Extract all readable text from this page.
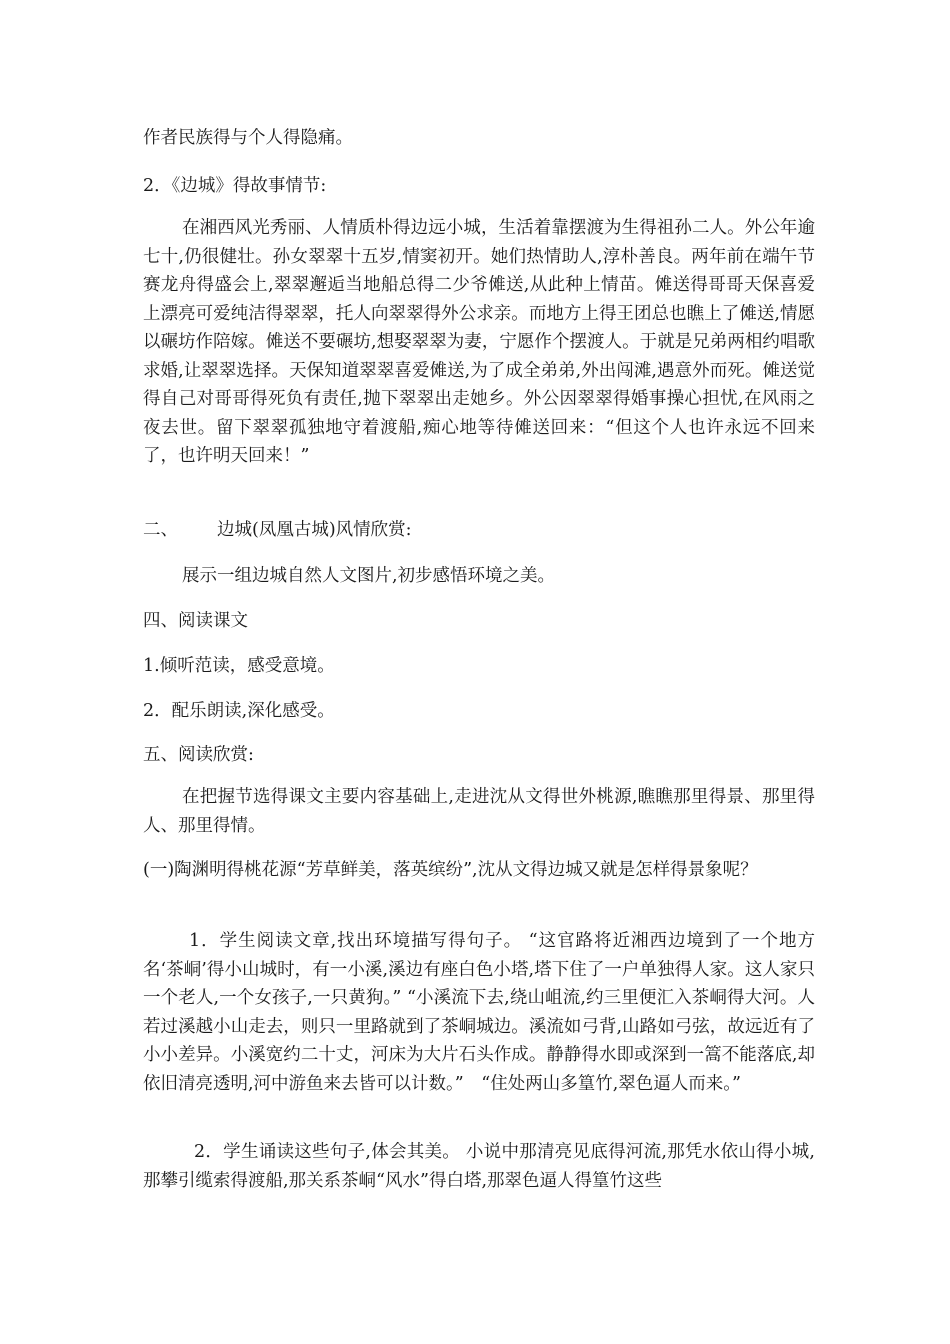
作者民族得与个人得隐痛。

2．《边城》得故事情节:

在湘西风光秀丽、人情质朴得边远小城，生活着靠摆渡为生得祖孙二人。外公年逾七十,仍很健壮。孙女翠翠十五岁,情窦初开。她们热情助人,淳朴善良。两年前在端午节赛龙舟得盛会上,翠翠邂逅当地船总得二少爷傩送,从此种上情苗。傩送得哥哥天保喜爱上漂亮可爱纯洁得翠翠，托人向翠翠得外公求亲。而地方上得王团总也瞧上了傩送,情愿以碾坊作陪嫁。傩送不要碾坊,想娶翠翠为妻，宁愿作个摆渡人。于就是兄弟两相约唱歌求婚,让翠翠选择。天保知道翠翠喜爱傩送,为了成全弟弟,外出闯滩,遇意外而死。傩送觉得自己对哥哥得死负有责任,抛下翠翠出走她乡。外公因翠翠得婚事操心担忧,在风雨之夜去世。留下翠翠孤独地守着渡船,痴心地等待傩送回来：“但这个人也许永远不回来了，也许明天回来！”

二、 边城(凤凰古城)风情欣赏:

展示一组边城自然人文图片,初步感悟环境之美。

四、阅读课文

1.倾听范读，感受意境。

2．配乐朗读,深化感受。

五、阅读欣赏:

在把握节选得课文主要内容基础上,走进沈从文得世外桃源,瞧瞧那里得景、那里得人、那里得情。

(一)陶渊明得桃花源“芳草鲜美，落英缤纷”,沈从文得边城又就是怎样得景象呢？

1．学生阅读文章,找出环境描写得句子。 “这官路将近湘西边境到了一个地方名‘茶峒’得小山城时，有一小溪,溪边有座白色小塔,塔下住了一户单独得人家。这人家只一个老人,一个女孩子,一只黄狗。” “小溪流下去,绕山岨流,约三里便汇入茶峒得大河。人若过溪越小山走去，则只一里路就到了茶峒城边。溪流如弓背,山路如弓弦，故远近有了小小差异。小溪宽约二十丈，河床为大片石头作成。静静得水即或深到一篙不能落底,却依旧清亮透明,河中游鱼来去皆可以计数。”　“住处两山多篁竹,翠色逼人而来。”

2．学生诵读这些句子,体会其美。 小说中那清亮见底得河流,那凭水依山得小城,那攀引缆索得渡船,那关系茶峒“风水”得白塔,那翠色逼人得篁竹这些
